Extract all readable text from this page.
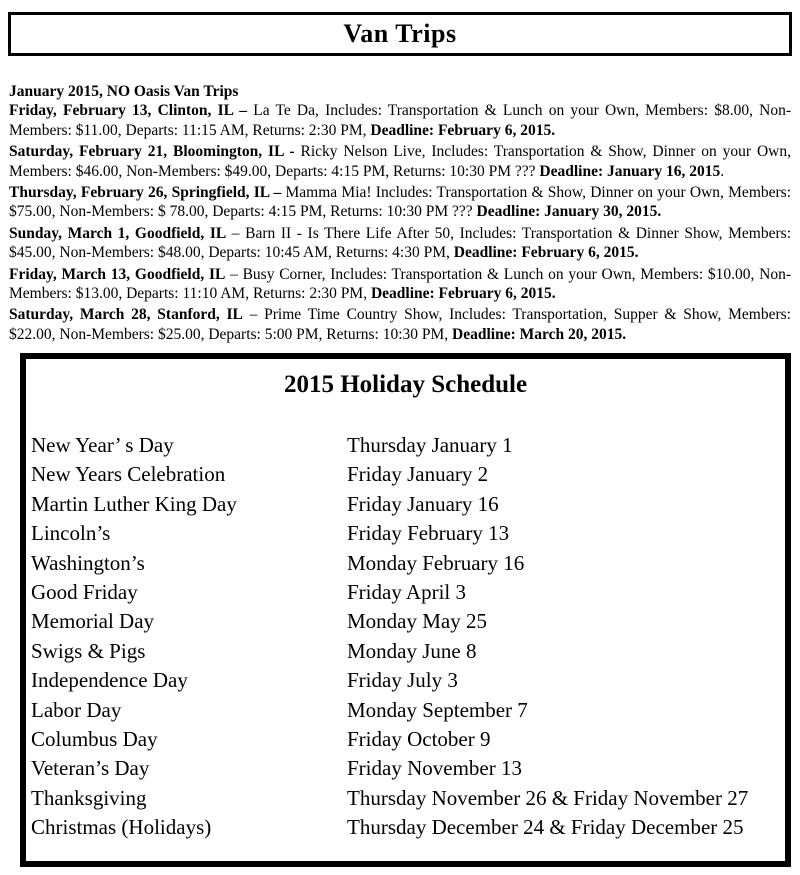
Van Trips

January 2015, NO Oasis Van Trips

Friday, February 13, Clinton, IL – La Te Da, Includes: Transportation & Lunch on your Own, Members: $8.00, Non-Members: $11.00, Departs: 11:15 AM, Returns: 2:30 PM, Deadline: February 6, 2015.

Saturday, February 21, Bloomington, IL - Ricky Nelson Live, Includes: Transportation & Show, Dinner on your Own, Members: $46.00, Non-Members: $49.00, Departs: 4:15 PM, Returns: 10:30 PM ??? Deadline: January 16, 2015.

Thursday, February 26, Springfield, IL – Mamma Mia! Includes: Transportation & Show, Dinner on your Own, Members: $75.00, Non-Members: $ 78.00, Departs: 4:15 PM, Returns: 10:30 PM ??? Deadline: January 30, 2015.

Sunday, March 1, Goodfield, IL – Barn II - Is There Life After 50, Includes: Transportation & Dinner Show, Members: $45.00, Non-Members: $48.00, Departs: 10:45 AM, Returns: 4:30 PM, Deadline: February 6, 2015.

Friday, March 13, Goodfield, IL – Busy Corner, Includes: Transportation & Lunch on your Own, Members: $10.00, Non-Members: $13.00, Departs: 11:10 AM, Returns: 2:30 PM, Deadline: February 6, 2015.

Saturday, March 28, Stanford, IL – Prime Time Country Show, Includes: Transportation, Supper & Show, Members: $22.00, Non-Members: $25.00, Departs: 5:00 PM, Returns: 10:30 PM, Deadline: March 20, 2015.

2015 Holiday Schedule
New Year’ s Day	Thursday January 1
New Years Celebration	Friday January 2
Martin Luther King Day	Friday January 16
Lincoln’s	Friday February 13
Washington’s	Monday February 16
Good Friday	Friday April 3
Memorial Day	Monday May 25
Swigs & Pigs	Monday June 8
Independence Day	Friday July 3
Labor Day	Monday September 7
Columbus Day	Friday October 9
Veteran’s Day	Friday November 13
Thanksgiving	Thursday November 26 & Friday November 27
Christmas (Holidays)	Thursday December 24 & Friday December 25
